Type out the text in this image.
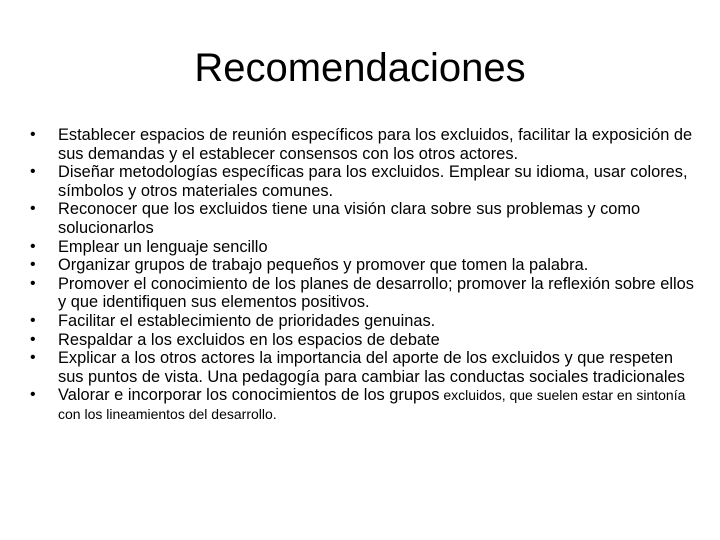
Recomendaciones
•	Establecer espacios de reunión específicos para los excluidos, facilitar la exposición de sus demandas y el establecer consensos con los otros actores.
•	Diseñar metodologías específicas para los excluidos. Emplear su idioma, usar colores, símbolos y otros materiales comunes.
•	Reconocer que los excluidos tiene una visión clara sobre sus problemas y como solucionarlos
•	Emplear un lenguaje sencillo
•	Organizar grupos de trabajo pequeños y promover que tomen la palabra.
•	Promover el conocimiento de los planes de desarrollo; promover la reflexión sobre ellos y que identifiquen sus elementos positivos.
•	Facilitar el establecimiento de prioridades genuinas.
•	Respaldar a los excluidos en los espacios de debate
•	Explicar a los otros actores la importancia del aporte de los excluidos y que respeten sus puntos de vista. Una pedagogía para cambiar las conductas sociales tradicionales
•	Valorar e incorporar los conocimientos de los grupos excluidos, que suelen estar en sintonía con los lineamientos del desarrollo.
